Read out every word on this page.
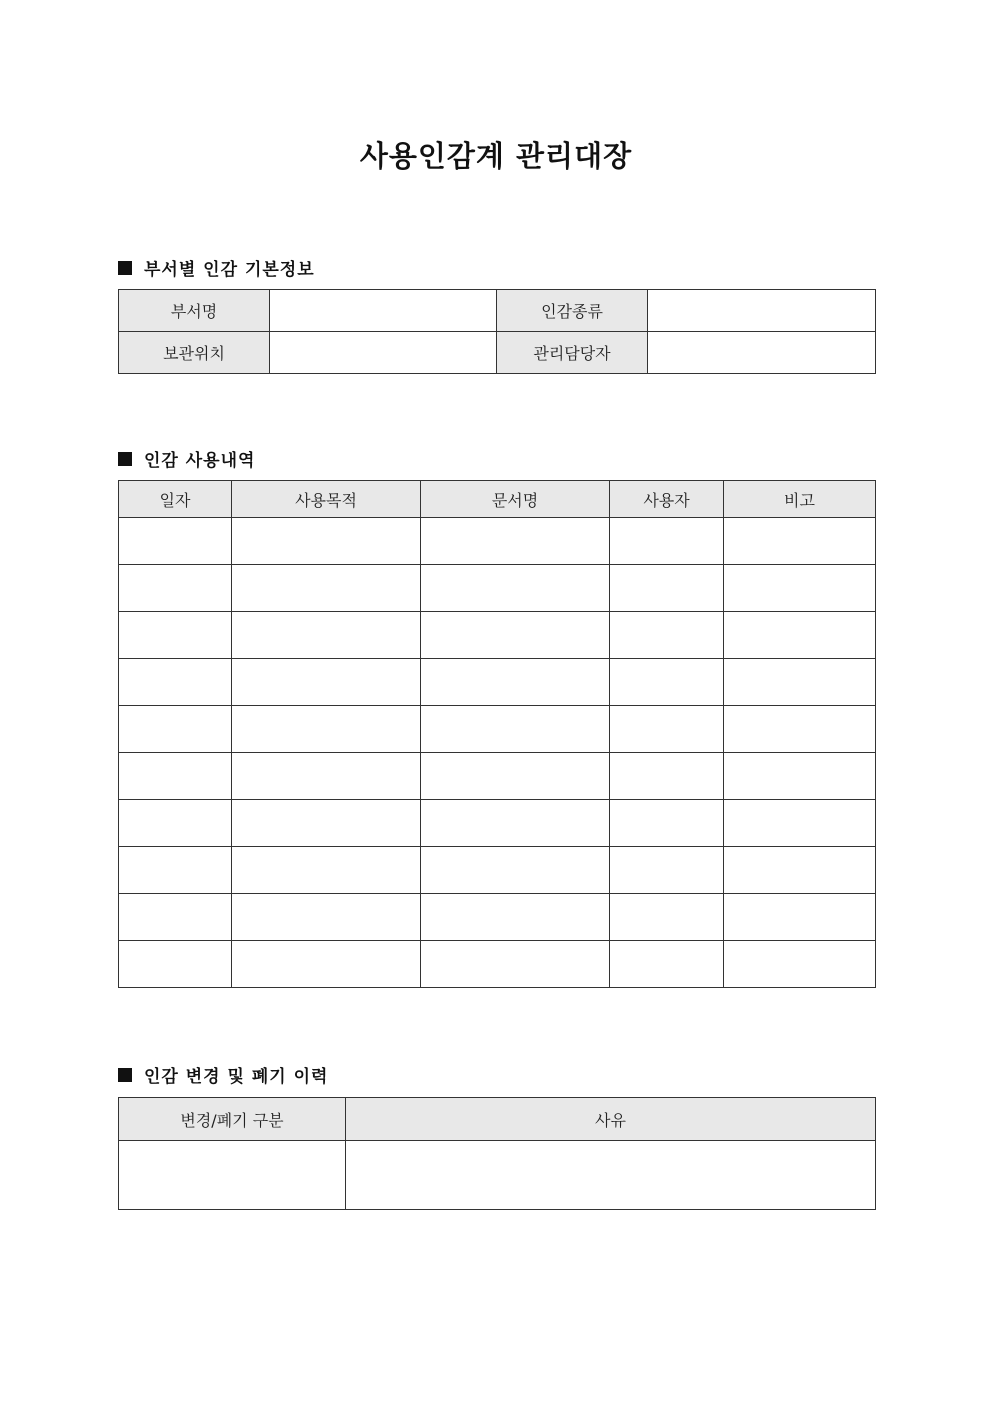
사용인감계 관리대장
부서별 인감 기본정보
부서명		인감종류	
보관위치		관리담당자	
인감 사용내역
일자	사용목적	문서명	사용자	비고

인감 변경 및 폐기 이력
변경/폐기 구분	사유
